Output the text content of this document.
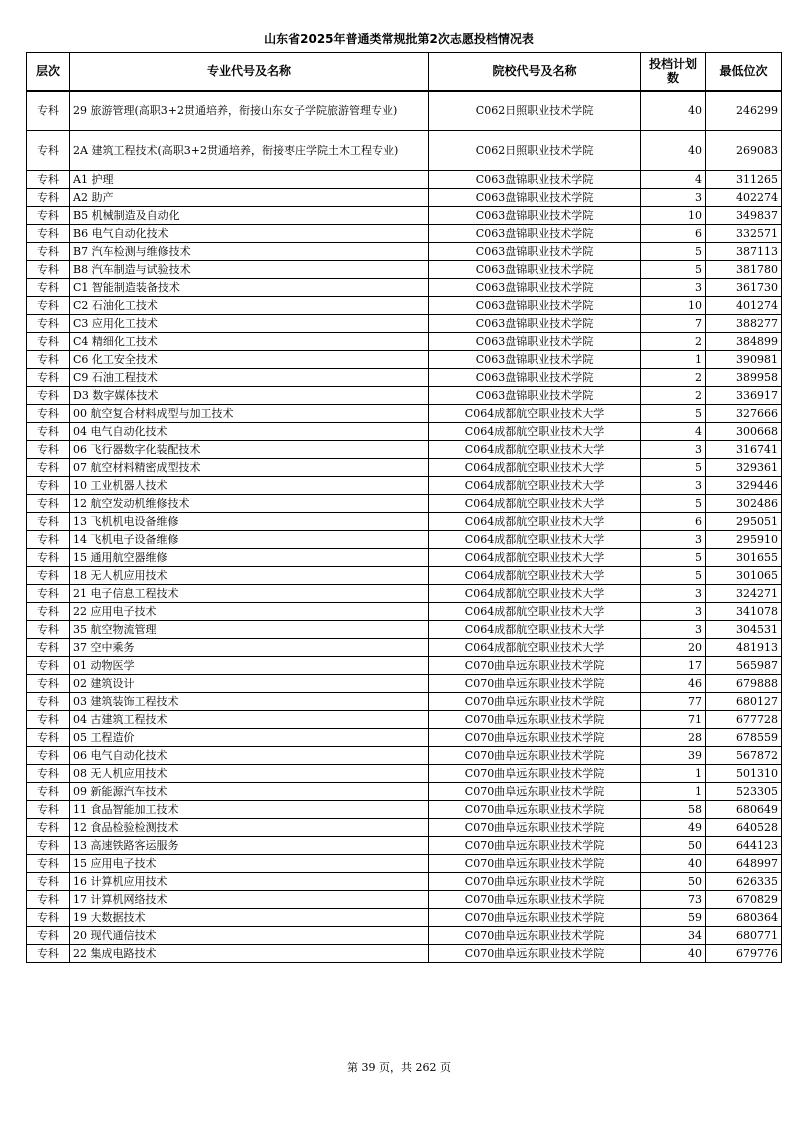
山东省2025年普通类常规批第2次志愿投档情况表
层次	专业代号及名称	院校代号及名称	投档计划数	最低位次
专科	29 旅游管理(高职3+2贯通培养，衔接山东女子学院旅游管理专业)	C062日照职业技术学院	40	246299
专科	2A 建筑工程技术(高职3+2贯通培养，衔接枣庄学院土木工程专业)	C062日照职业技术学院	40	269083
专科	A1 护理	C063盘锦职业技术学院	4	311265
专科	A2 助产	C063盘锦职业技术学院	3	402274
专科	B5 机械制造及自动化	C063盘锦职业技术学院	10	349837
专科	B6 电气自动化技术	C063盘锦职业技术学院	6	332571
专科	B7 汽车检测与维修技术	C063盘锦职业技术学院	5	387113
专科	B8 汽车制造与试验技术	C063盘锦职业技术学院	5	381780
专科	C1 智能制造装备技术	C063盘锦职业技术学院	3	361730
专科	C2 石油化工技术	C063盘锦职业技术学院	10	401274
专科	C3 应用化工技术	C063盘锦职业技术学院	7	388277
专科	C4 精细化工技术	C063盘锦职业技术学院	2	384899
专科	C6 化工安全技术	C063盘锦职业技术学院	1	390981
专科	C9 石油工程技术	C063盘锦职业技术学院	2	389958
专科	D3 数字媒体技术	C063盘锦职业技术学院	2	336917
专科	00 航空复合材料成型与加工技术	C064成都航空职业技术大学	5	327666
专科	04 电气自动化技术	C064成都航空职业技术大学	4	300668
专科	06 飞行器数字化装配技术	C064成都航空职业技术大学	3	316741
专科	07 航空材料精密成型技术	C064成都航空职业技术大学	5	329361
专科	10 工业机器人技术	C064成都航空职业技术大学	3	329446
专科	12 航空发动机维修技术	C064成都航空职业技术大学	5	302486
专科	13 飞机机电设备维修	C064成都航空职业技术大学	6	295051
专科	14 飞机电子设备维修	C064成都航空职业技术大学	3	295910
专科	15 通用航空器维修	C064成都航空职业技术大学	5	301655
专科	18 无人机应用技术	C064成都航空职业技术大学	5	301065
专科	21 电子信息工程技术	C064成都航空职业技术大学	3	324271
专科	22 应用电子技术	C064成都航空职业技术大学	3	341078
专科	35 航空物流管理	C064成都航空职业技术大学	3	304531
专科	37 空中乘务	C064成都航空职业技术大学	20	481913
专科	01 动物医学	C070曲阜远东职业技术学院	17	565987
专科	02 建筑设计	C070曲阜远东职业技术学院	46	679888
专科	03 建筑装饰工程技术	C070曲阜远东职业技术学院	77	680127
专科	04 古建筑工程技术	C070曲阜远东职业技术学院	71	677728
专科	05 工程造价	C070曲阜远东职业技术学院	28	678559
专科	06 电气自动化技术	C070曲阜远东职业技术学院	39	567872
专科	08 无人机应用技术	C070曲阜远东职业技术学院	1	501310
专科	09 新能源汽车技术	C070曲阜远东职业技术学院	1	523305
专科	11 食品智能加工技术	C070曲阜远东职业技术学院	58	680649
专科	12 食品检验检测技术	C070曲阜远东职业技术学院	49	640528
专科	13 高速铁路客运服务	C070曲阜远东职业技术学院	50	644123
专科	15 应用电子技术	C070曲阜远东职业技术学院	40	648997
专科	16 计算机应用技术	C070曲阜远东职业技术学院	50	626335
专科	17 计算机网络技术	C070曲阜远东职业技术学院	73	670829
专科	19 大数据技术	C070曲阜远东职业技术学院	59	680364
专科	20 现代通信技术	C070曲阜远东职业技术学院	34	680771
专科	22 集成电路技术	C070曲阜远东职业技术学院	40	679776
第 39 页，共 262 页
